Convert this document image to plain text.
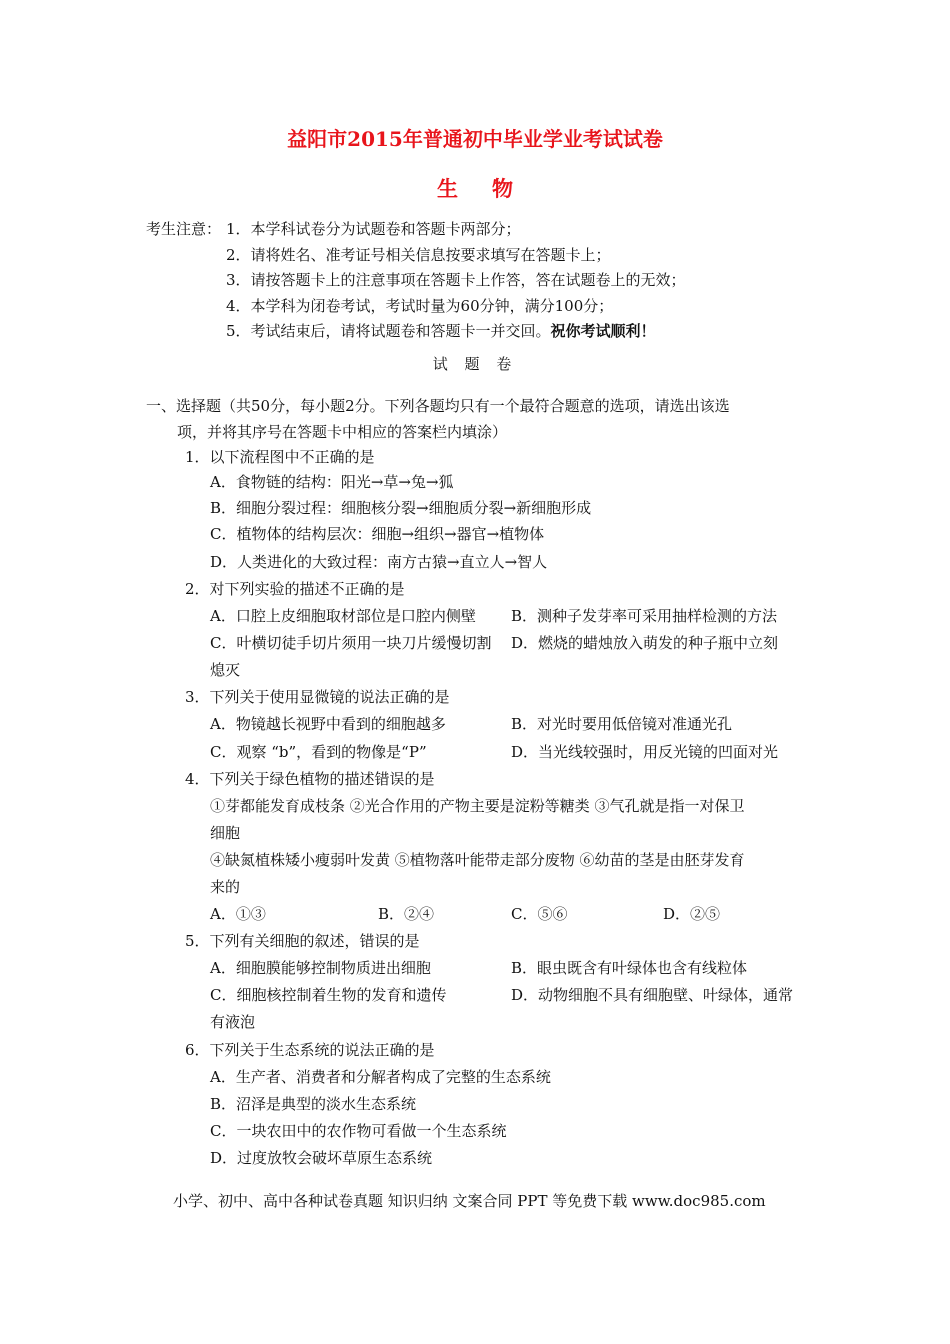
益阳市2015年普通初中毕业学业考试试卷
生物
考生注意： 1．本学科试卷分为试题卷和答题卡两部分；
2．请将姓名、准考证号相关信息按要求填写在答题卡上；
3．请按答题卡上的注意事项在答题卡上作答，答在试题卷上的无效；
4．本学科为闭卷考试，考试时量为60分钟，满分100分；
5．考试结束后，请将试题卷和答题卡一并交回。祝你考试顺利！
试 题 卷
一、选择题（共50分，每小题2分。下列各题均只有一个最符合题意的选项，请选出该选
项，并将其序号在答题卡中相应的答案栏内填涂）
1．以下流程图中不正确的是
A．食物链的结构：阳光→草→兔→狐
B．细胞分裂过程：细胞核分裂→细胞质分裂→新细胞形成
C．植物体的结构层次：细胞→组织→器官→植物体
D．人类进化的大致过程：南方古猿→直立人→智人
2．对下列实验的描述不正确的是
A．口腔上皮细胞取材部位是口腔内侧壁 B．测种子发芽率可采用抽样检测的方法
C．叶横切徒手切片须用一块刀片缓慢切割 D．燃烧的蜡烛放入萌发的种子瓶中立刻
熄灭
3．下列关于使用显微镜的说法正确的是
A．物镜越长视野中看到的细胞越多	B．对光时要用低倍镜对准通光孔
C．观察 “b”，看到的物像是“P”	D．当光线较强时，用反光镜的凹面对光
4．下列关于绿色植物的描述错误的是
①芽都能发育成枝条 ②光合作用的产物主要是淀粉等糖类 ③气孔就是指一对保卫
细胞
④缺氮植株矮小瘦弱叶发黄 ⑤植物落叶能带走部分废物 ⑥幼苗的茎是由胚芽发育
来的
A．①③	B．②④	C．⑤⑥	D．②⑤
5．下列有关细胞的叙述，错误的是
A．细胞膜能够控制物质进出细胞	B．眼虫既含有叶绿体也含有线粒体
C．细胞核控制着生物的发育和遗传	D．动物细胞不具有细胞壁、叶绿体，通常
有液泡
6．下列关于生态系统的说法正确的是
A．生产者、消费者和分解者构成了完整的生态系统
B．沼泽是典型的淡水生态系统
C．一块农田中的农作物可看做一个生态系统
D．过度放牧会破坏草原生态系统
小学、初中、高中各种试卷真题 知识归纳 文案合同 PPT 等免费下载 www.doc985.com
